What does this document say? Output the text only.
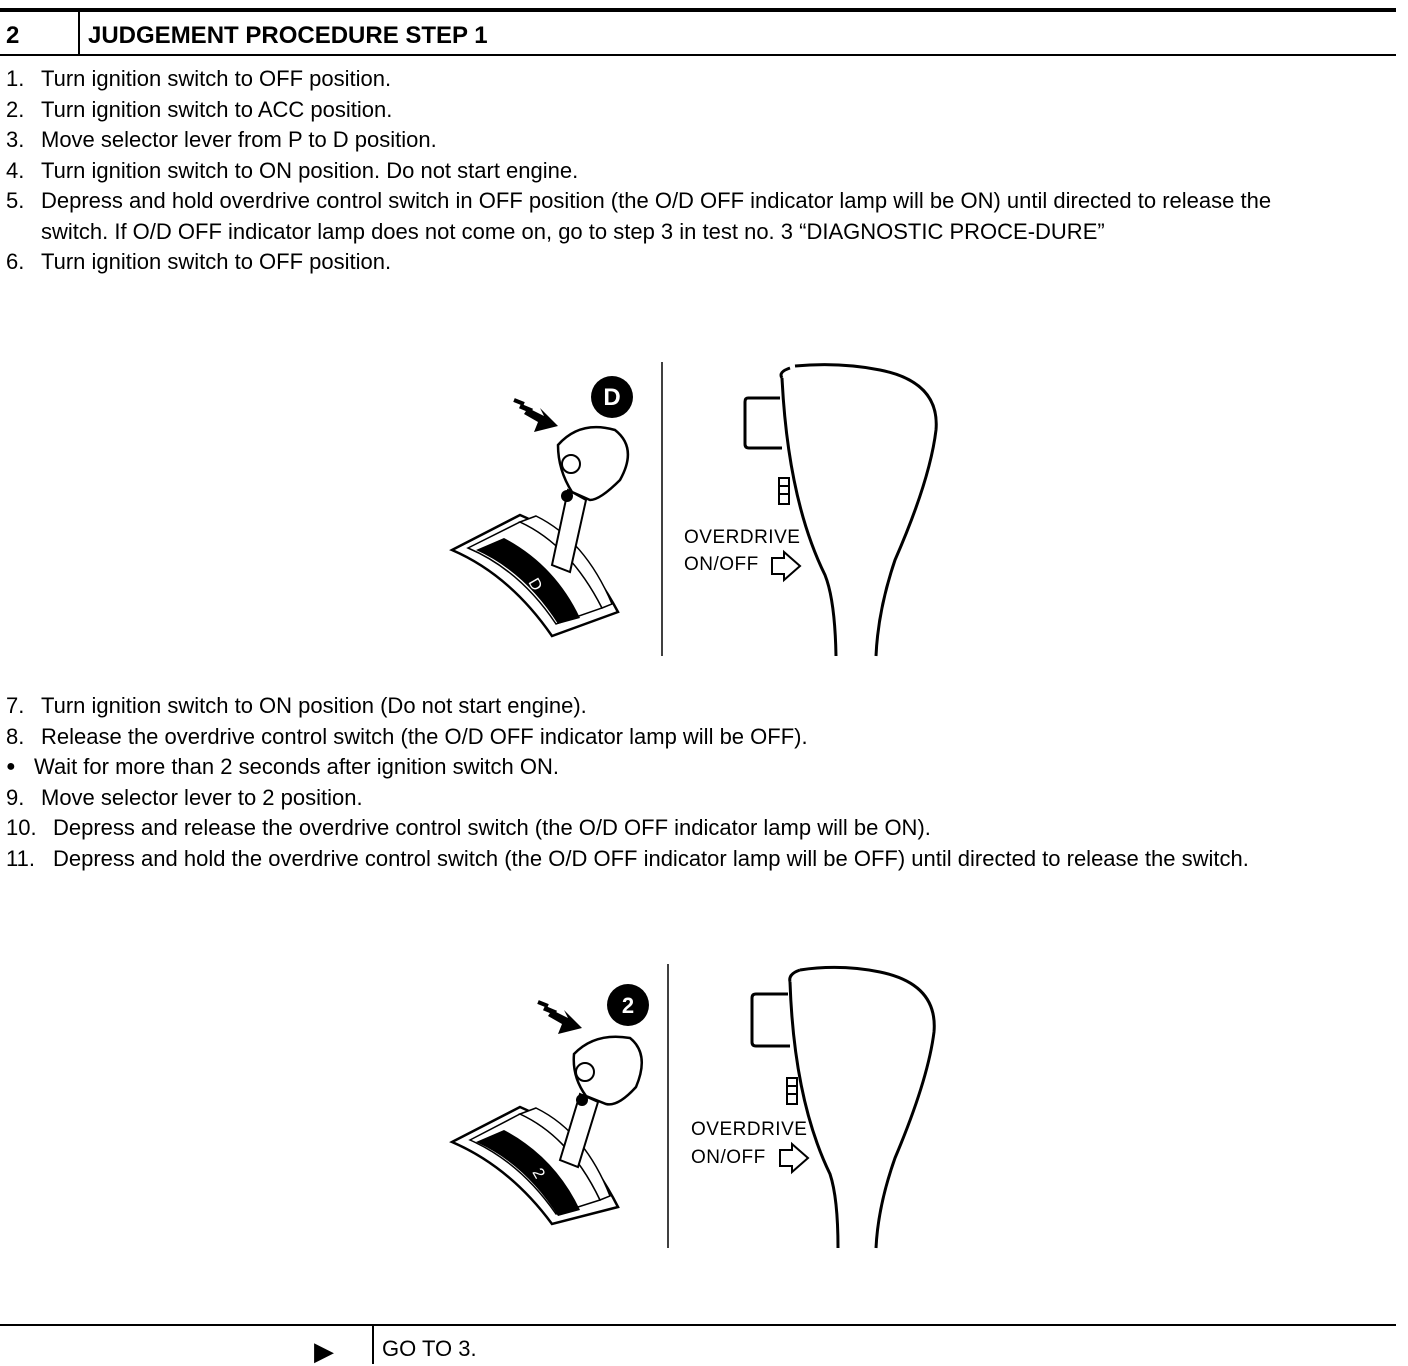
2	JUDGEMENT PROCEDURE STEP 1
1. Turn ignition switch to OFF position.
2. Turn ignition switch to ACC position.
3. Move selector lever from P to D position.
4. Turn ignition switch to ON position. Do not start engine.
5. Depress and hold overdrive control switch in OFF position (the O/D OFF indicator lamp will be ON) until directed to release the switch. If O/D OFF indicator lamp does not come on, go to step 3 in test no. 3 “DIAGNOSTIC PROCE-DURE”
6. Turn ignition switch to OFF position.
D
D
OVERDRIVE
ON/OFF
7. Turn ignition switch to ON position (Do not start engine).
8. Release the overdrive control switch (the O/D OFF indicator lamp will be OFF).
● Wait for more than 2 seconds after ignition switch ON.
9. Move selector lever to 2 position.
10. Depress and release the overdrive control switch (the O/D OFF indicator lamp will be ON).
11. Depress and hold the overdrive control switch (the O/D OFF indicator lamp will be OFF) until directed to release the switch.
2
2
OVERDRIVE
ON/OFF
▶ GO TO 3.
